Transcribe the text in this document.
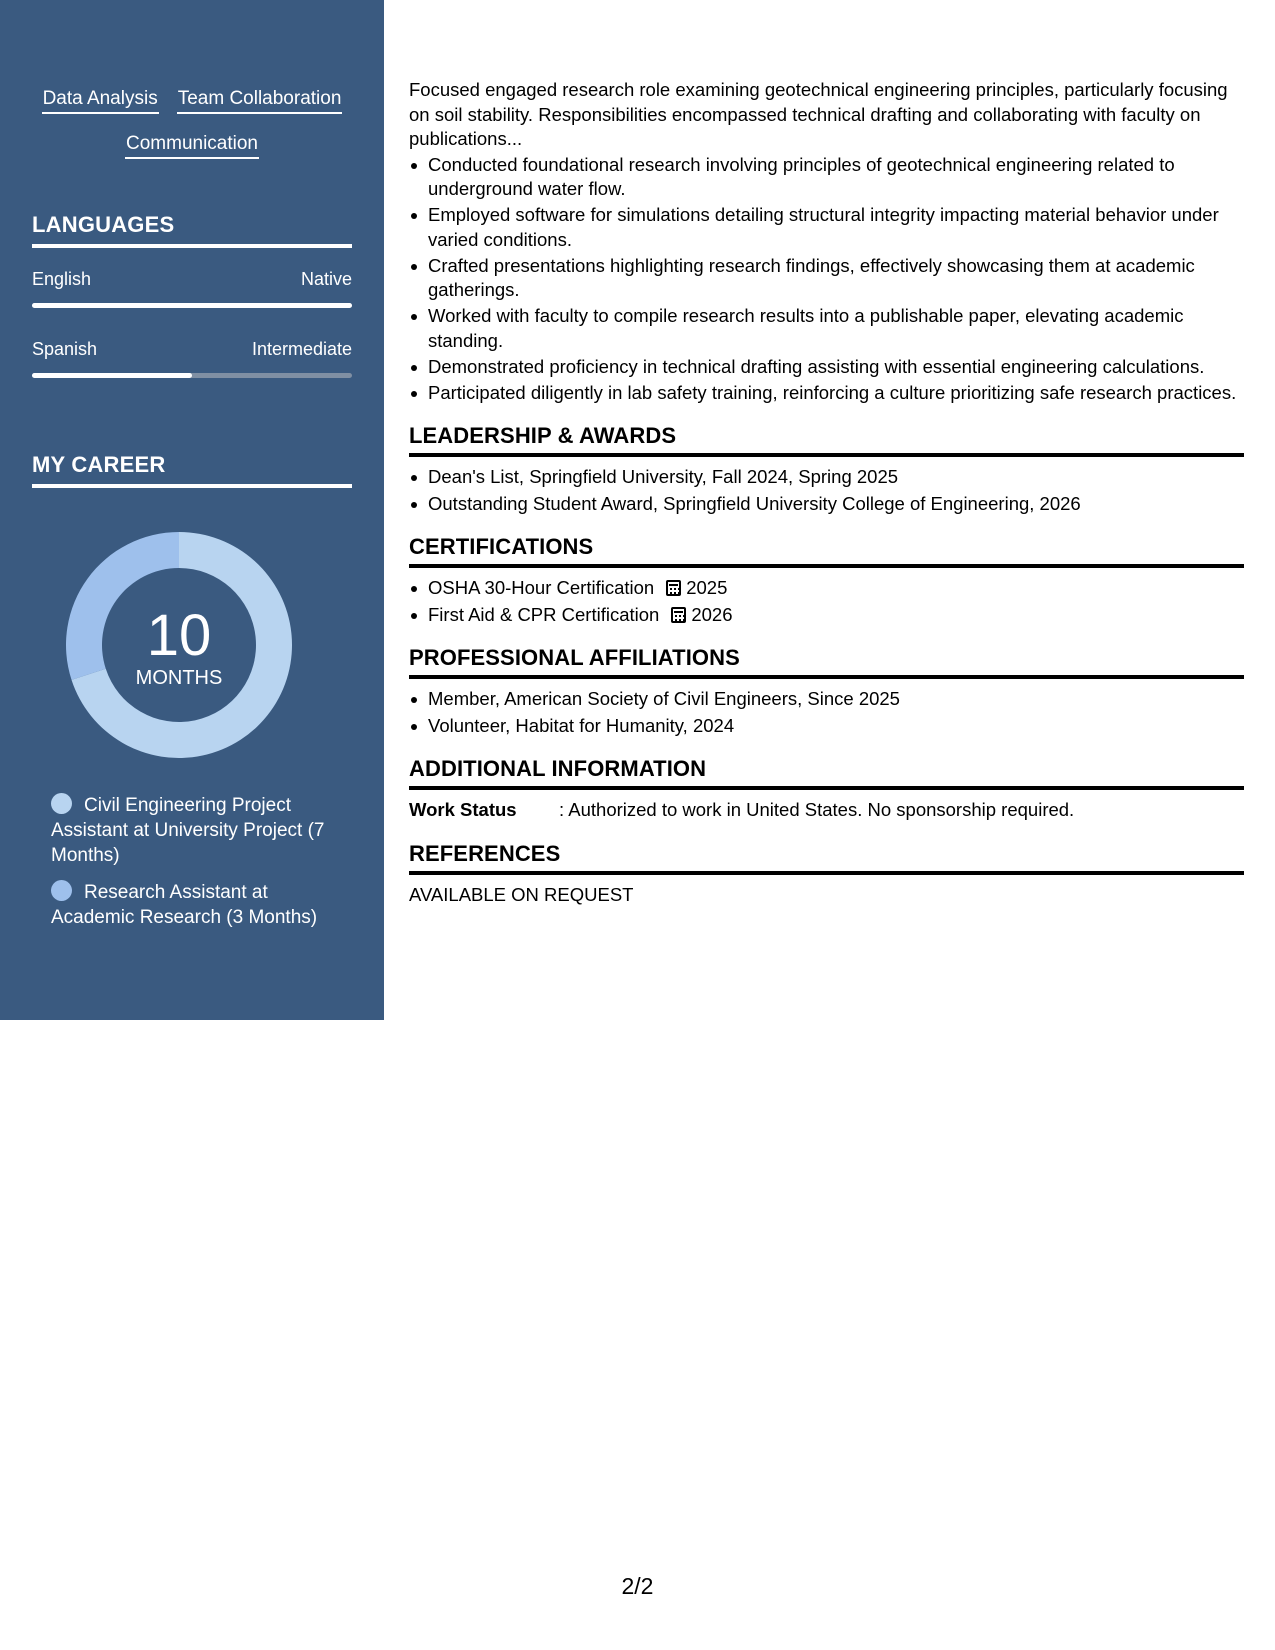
Data Analysis Team Collaboration
Communication
LANGUAGES
English	Native
Spanish	Intermediate
MY CAREER
10
MONTHS
Civil Engineering Project Assistant at University Project (7 Months)
Research Assistant at Academic Research (3 Months)

Focused engaged research role examining geotechnical engineering principles, particularly focusing on soil stability. Responsibilities encompassed technical drafting and collaborating with faculty on publications...

Conducted foundational research involving principles of geotechnical engineering related to underground water flow.
Employed software for simulations detailing structural integrity impacting material behavior under varied conditions.
Crafted presentations highlighting research findings, effectively showcasing them at academic gatherings.
Worked with faculty to compile research results into a publishable paper, elevating academic standing.
Demonstrated proficiency in technical drafting assisting with essential engineering calculations.
Participated diligently in lab safety training, reinforcing a culture prioritizing safe research practices.
LEADERSHIP & AWARDS
Dean's List, Springfield University, Fall 2024, Spring 2025
Outstanding Student Award, Springfield University College of Engineering, 2026
CERTIFICATIONS
OSHA 30-Hour Certification 2025
First Aid & CPR Certification 2026
PROFESSIONAL AFFILIATIONS
Member, American Society of Civil Engineers, Since 2025
Volunteer, Habitat for Humanity, 2024
ADDITIONAL INFORMATION
Work Status	: Authorized to work in United States. No sponsorship required.
REFERENCES

AVAILABLE ON REQUEST

2/2
